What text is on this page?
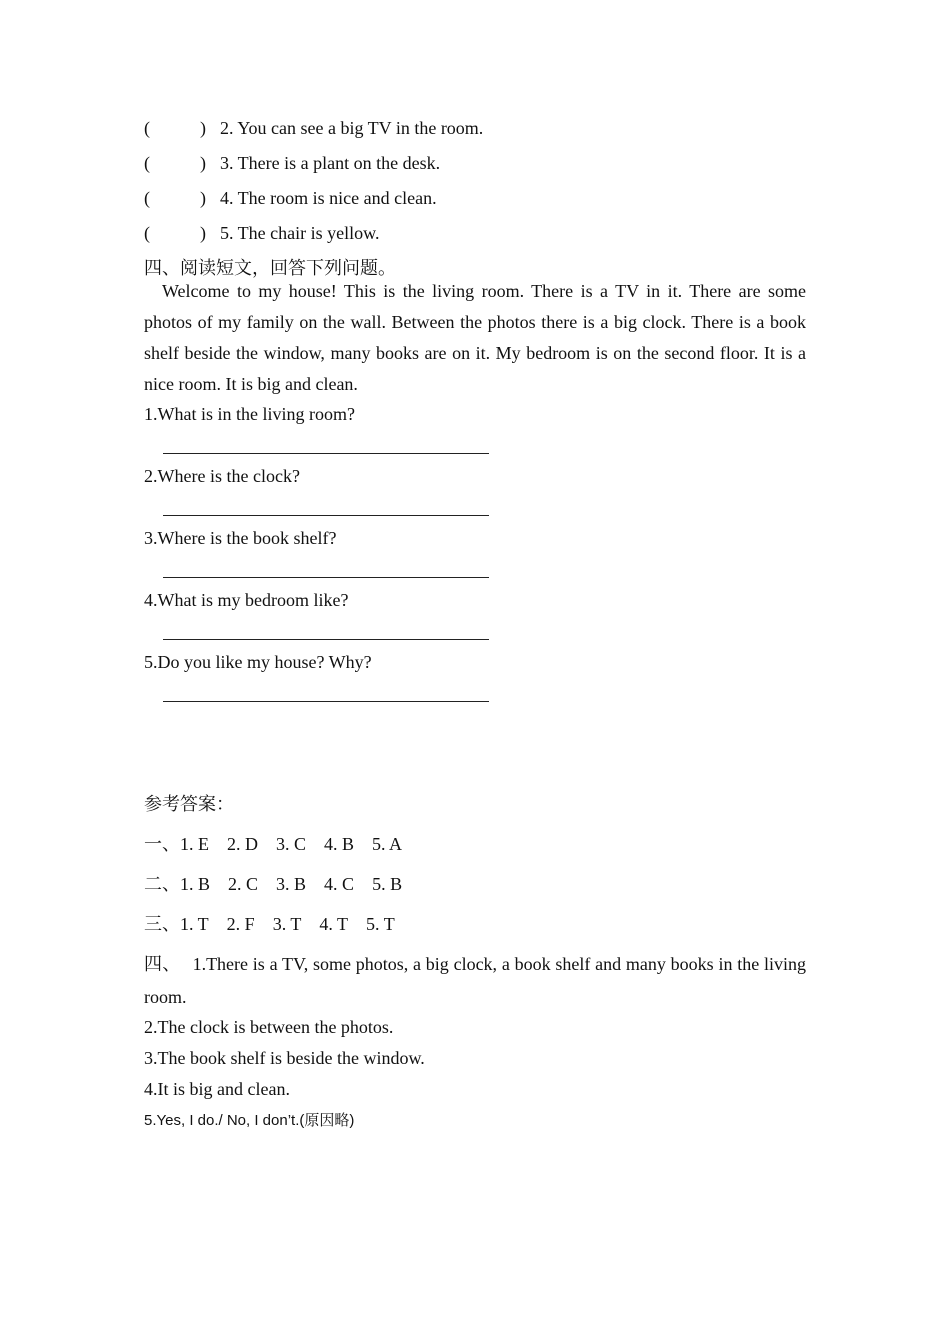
(	) 2. You can see a big TV in the room.
(	) 3. There is a plant on the desk.
(	) 4. The room is nice and clean.
(	) 5. The chair is yellow.
四、阅读短文，回答下列问题。
Welcome to my house! This is the living room. There is a TV in it. There are some photos of my family on the wall. Between the photos there is a big clock. There is a book shelf beside the window, many books are on it. My bedroom is on the second floor. It is a nice room. It is big and clean.
1.What is in the living room?
2.Where is the clock?
3.Where is the book shelf?
4.What is my bedroom like?
5.Do you like my house? Why?
参考答案：
一、1. E 2. D 3. C 4. B 5. A
二、1. B 2. C 3. B 4. C 5. B
三、1. T 2. F 3. T 4. T 5. T
四、 1.There is a TV, some photos, a big clock, a book shelf and many books in the living room.
2.The clock is between the photos.
3.The book shelf is beside the window.
4.It is big and clean.
5.Yes, I do./ No, I don’t.(原因略)
